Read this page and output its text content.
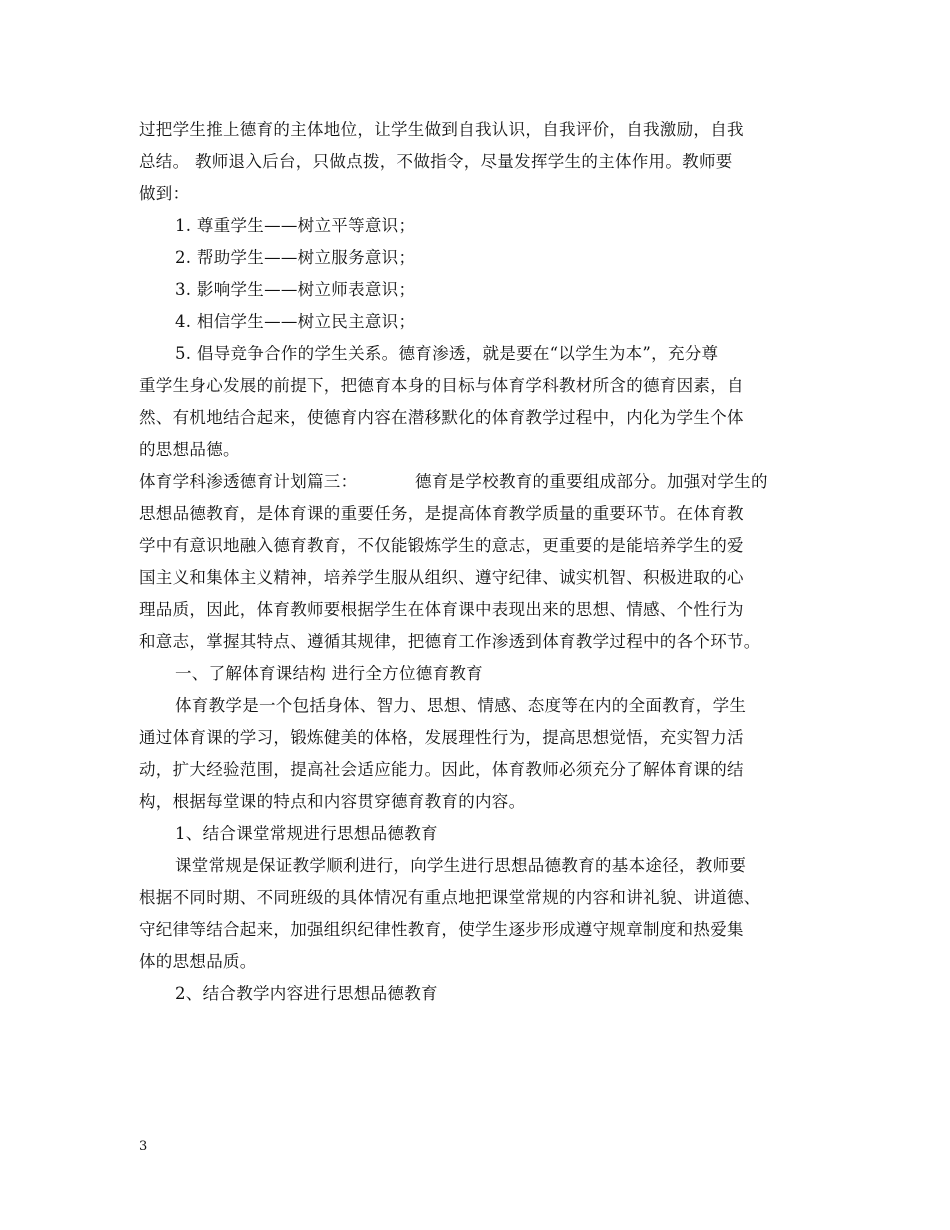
过把学生推上德育的主体地位，让学生做到自我认识，自我评价，自我激励，自我
总结。 教师退入后台，只做点拨，不做指令，尽量发挥学生的主体作用。教师要
做到：
1. 尊重学生——树立平等意识；
2. 帮助学生——树立服务意识；
3. 影响学生——树立师表意识；
4. 相信学生——树立民主意识；
5. 倡导竞争合作的学生关系。德育渗透，就是要在“以学生为本”，充分尊
重学生身心发展的前提下，把德育本身的目标与体育学科教材所含的德育因素，自
然、有机地结合起来，使德育内容在潜移默化的体育教学过程中，内化为学生个体
的思想品德。
体育学科渗透德育计划篇三：	德育是学校教育的重要组成部分。加强对学生的
思想品德教育，是体育课的重要任务，是提高体育教学质量的重要环节。在体育教
学中有意识地融入德育教育，不仅能锻炼学生的意志，更重要的是能培养学生的爱
国主义和集体主义精神，培养学生服从组织、遵守纪律、诚实机智、积极进取的心
理品质，因此，体育教师要根据学生在体育课中表现出来的思想、情感、个性行为
和意志，掌握其特点、遵循其规律，把德育工作渗透到体育教学过程中的各个环节。
一、了解体育课结构 进行全方位德育教育
体育教学是一个包括身体、智力、思想、情感、态度等在内的全面教育，学生
通过体育课的学习，锻炼健美的体格，发展理性行为，提高思想觉悟，充实智力活
动，扩大经验范围，提高社会适应能力。因此，体育教师必须充分了解体育课的结
构，根据每堂课的特点和内容贯穿德育教育的内容。
1、结合课堂常规进行思想品德教育
课堂常规是保证教学顺利进行，向学生进行思想品德教育的基本途径，教师要
根据不同时期、不同班级的具体情况有重点地把课堂常规的内容和讲礼貌、讲道德、
守纪律等结合起来，加强组织纪律性教育，使学生逐步形成遵守规章制度和热爱集
体的思想品质。
2、结合教学内容进行思想品德教育
3
